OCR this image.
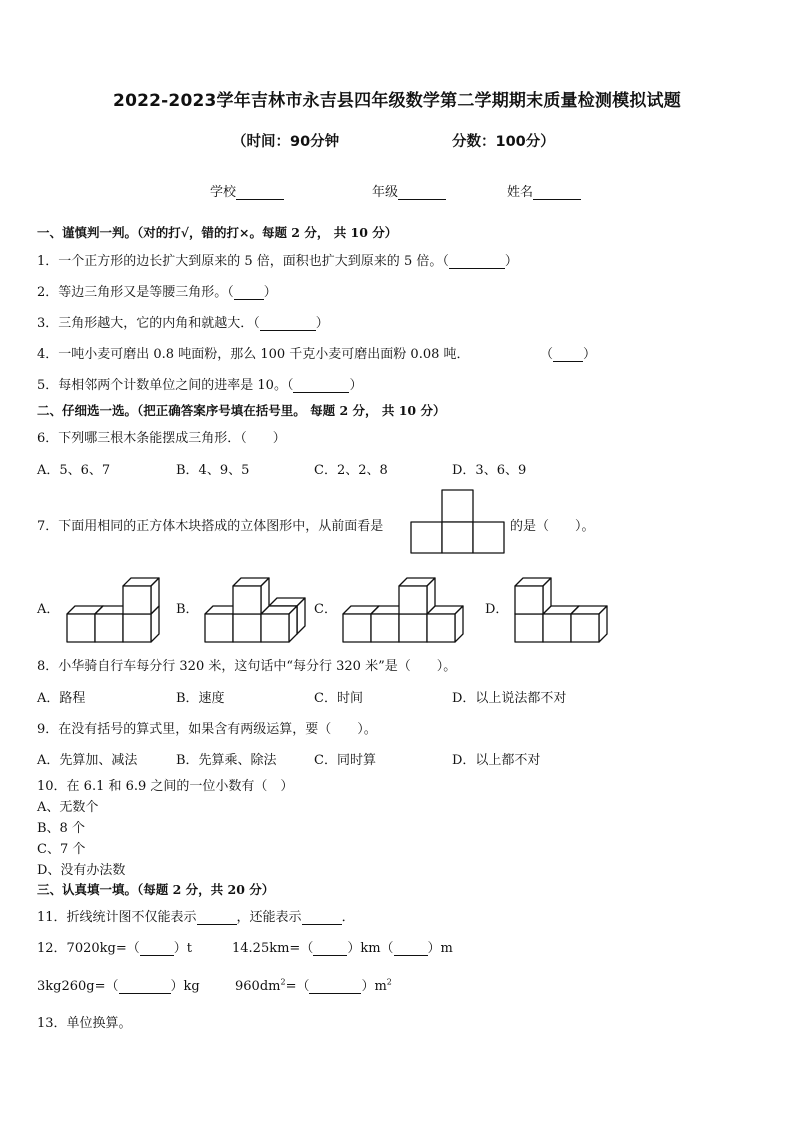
2022-2023学年吉林市永吉县四年级数学第二学期期末质量检测模拟试题
（时间：90分钟	分数：100分）
学校	年级	姓名
一、谨慎判一判。（对的打√，错的打×。每题 2 分， 共 10 分）
1．一个正方形的边长扩大到原来的 5 倍，面积也扩大到原来的 5 倍。（	）
2．等边三角形又是等腰三角形。（ ）
3．三角形越大，它的内角和就越大．（	）
4．一吨小麦可磨出 0.8 吨面粉，那么 100 千克小麦可磨出面粉 0.08 吨．	（ ）
5．每相邻两个计数单位之间的进率是 10。（	）
二、仔细选一选。（把正确答案序号填在括号里。 每题 2 分， 共 10 分）
6．下列哪三根木条能摆成三角形．（　　）
A．5、6、7	B．4、9、5	C．2、2、8	D．3、6、9
7．下面用相同的正方体木块搭成的立体图形中，从前面看是	的是（　　）。
A．	B．	C．	D．
8．小华骑自行车每分行 320 米，这句话中“每分行 320 米”是（　　）。
A．路程	B．速度	C．时间	D．以上说法都不对
9．在没有括号的算式里，如果含有两级运算，要（　　）。
A．先算加、减法	B．先算乘、除法	C．同时算	D．以上都不对
10．在 6.1 和 6.9 之间的一位小数有（　）
A、无数个
B、8 个
C、7 个
D、没有办法数
三、认真填一填。（每题 2 分，共 20 分）
11．折线统计图不仅能表示	，还能表示	．
12．7020kg=（	）t	14.25km=（	）km（	）m
3kg260g=（	）kg	$960dm^2=$（	）$m^2$
13．单位换算。
